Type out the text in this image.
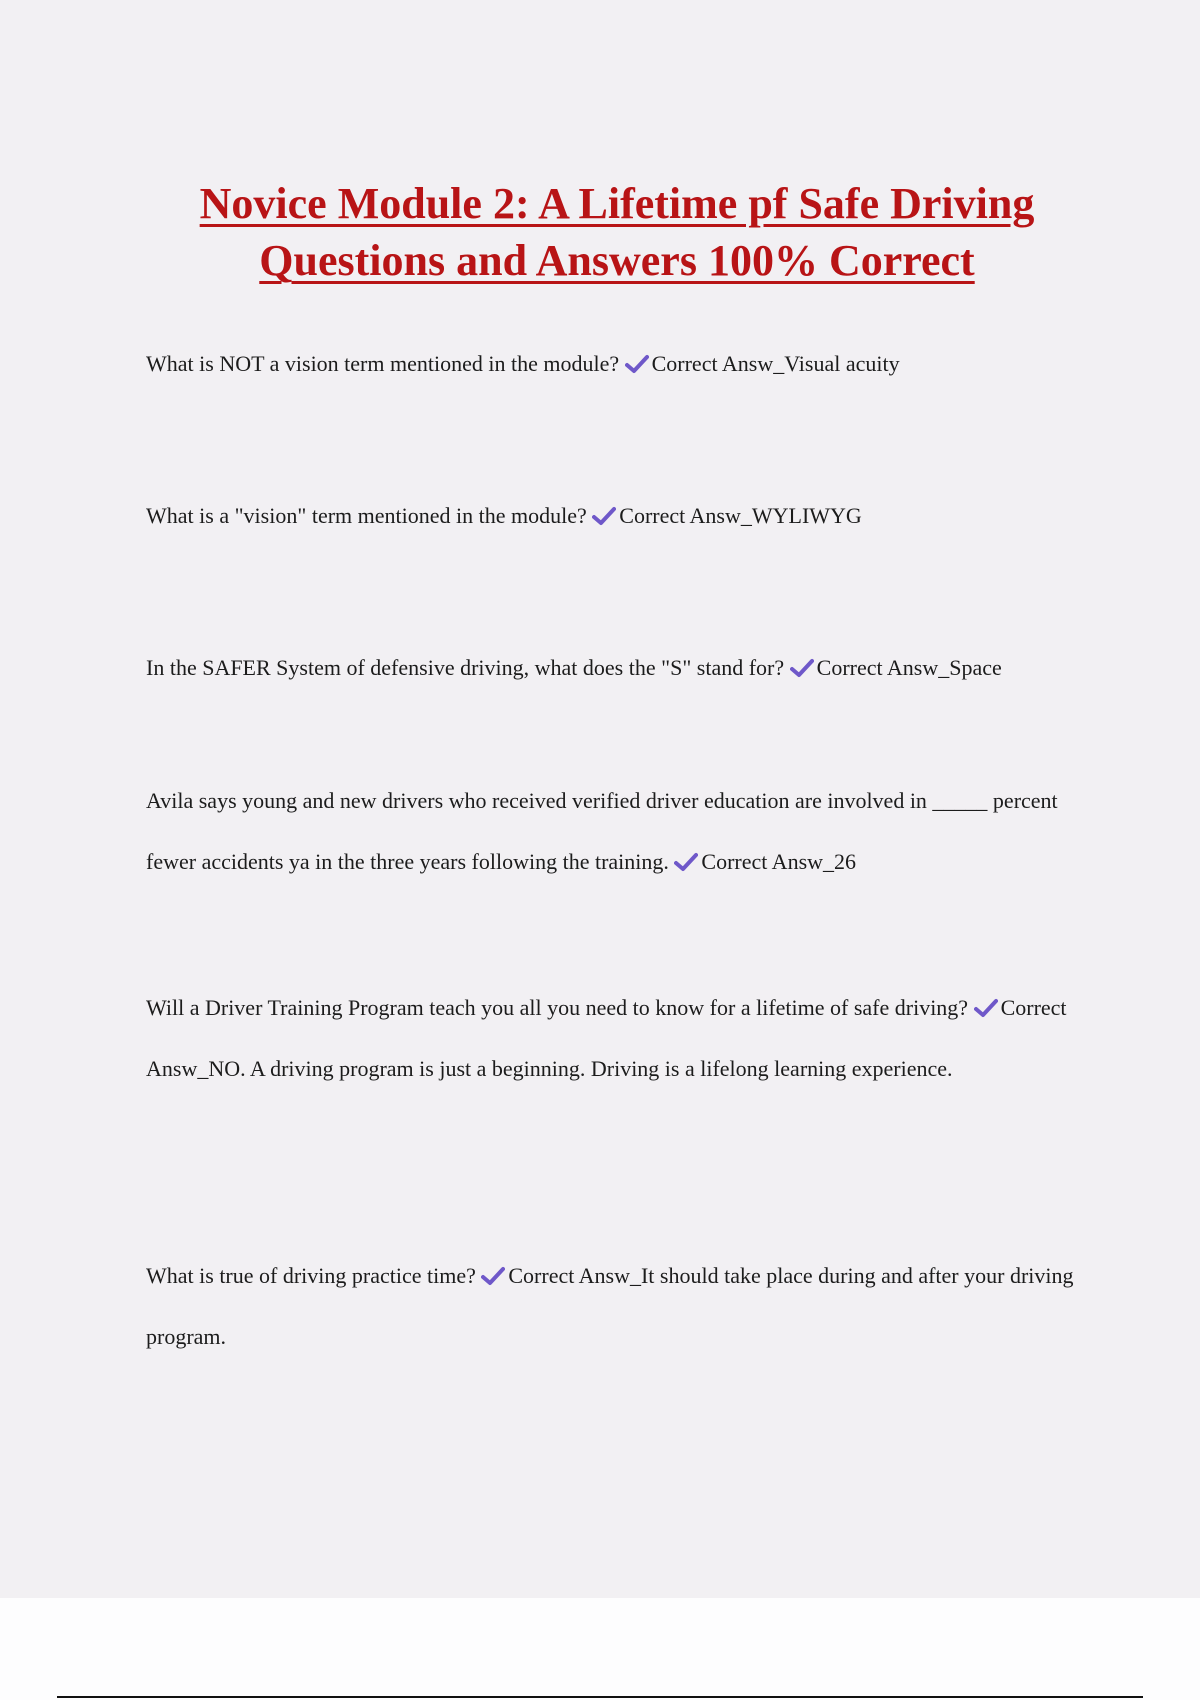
Novice Module 2: A Lifetime pf Safe Driving
Questions and Answers 100% Correct

What is NOT a vision term mentioned in the module? Correct Answ_Visual acuity

What is a "vision" term mentioned in the module? Correct Answ_WYLIWYG

In the SAFER System of defensive driving, what does the "S" stand for? Correct Answ_Space

Avila says young and new drivers who received verified driver education are involved in _____ percent fewer accidents ya in the three years following the training. Correct Answ_26

Will a Driver Training Program teach you all you need to know for a lifetime of safe driving? Correct Answ_NO. A driving program is just a beginning. Driving is a lifelong learning experience.

What is true of driving practice time? Correct Answ_It should take place during and after your driving program.
